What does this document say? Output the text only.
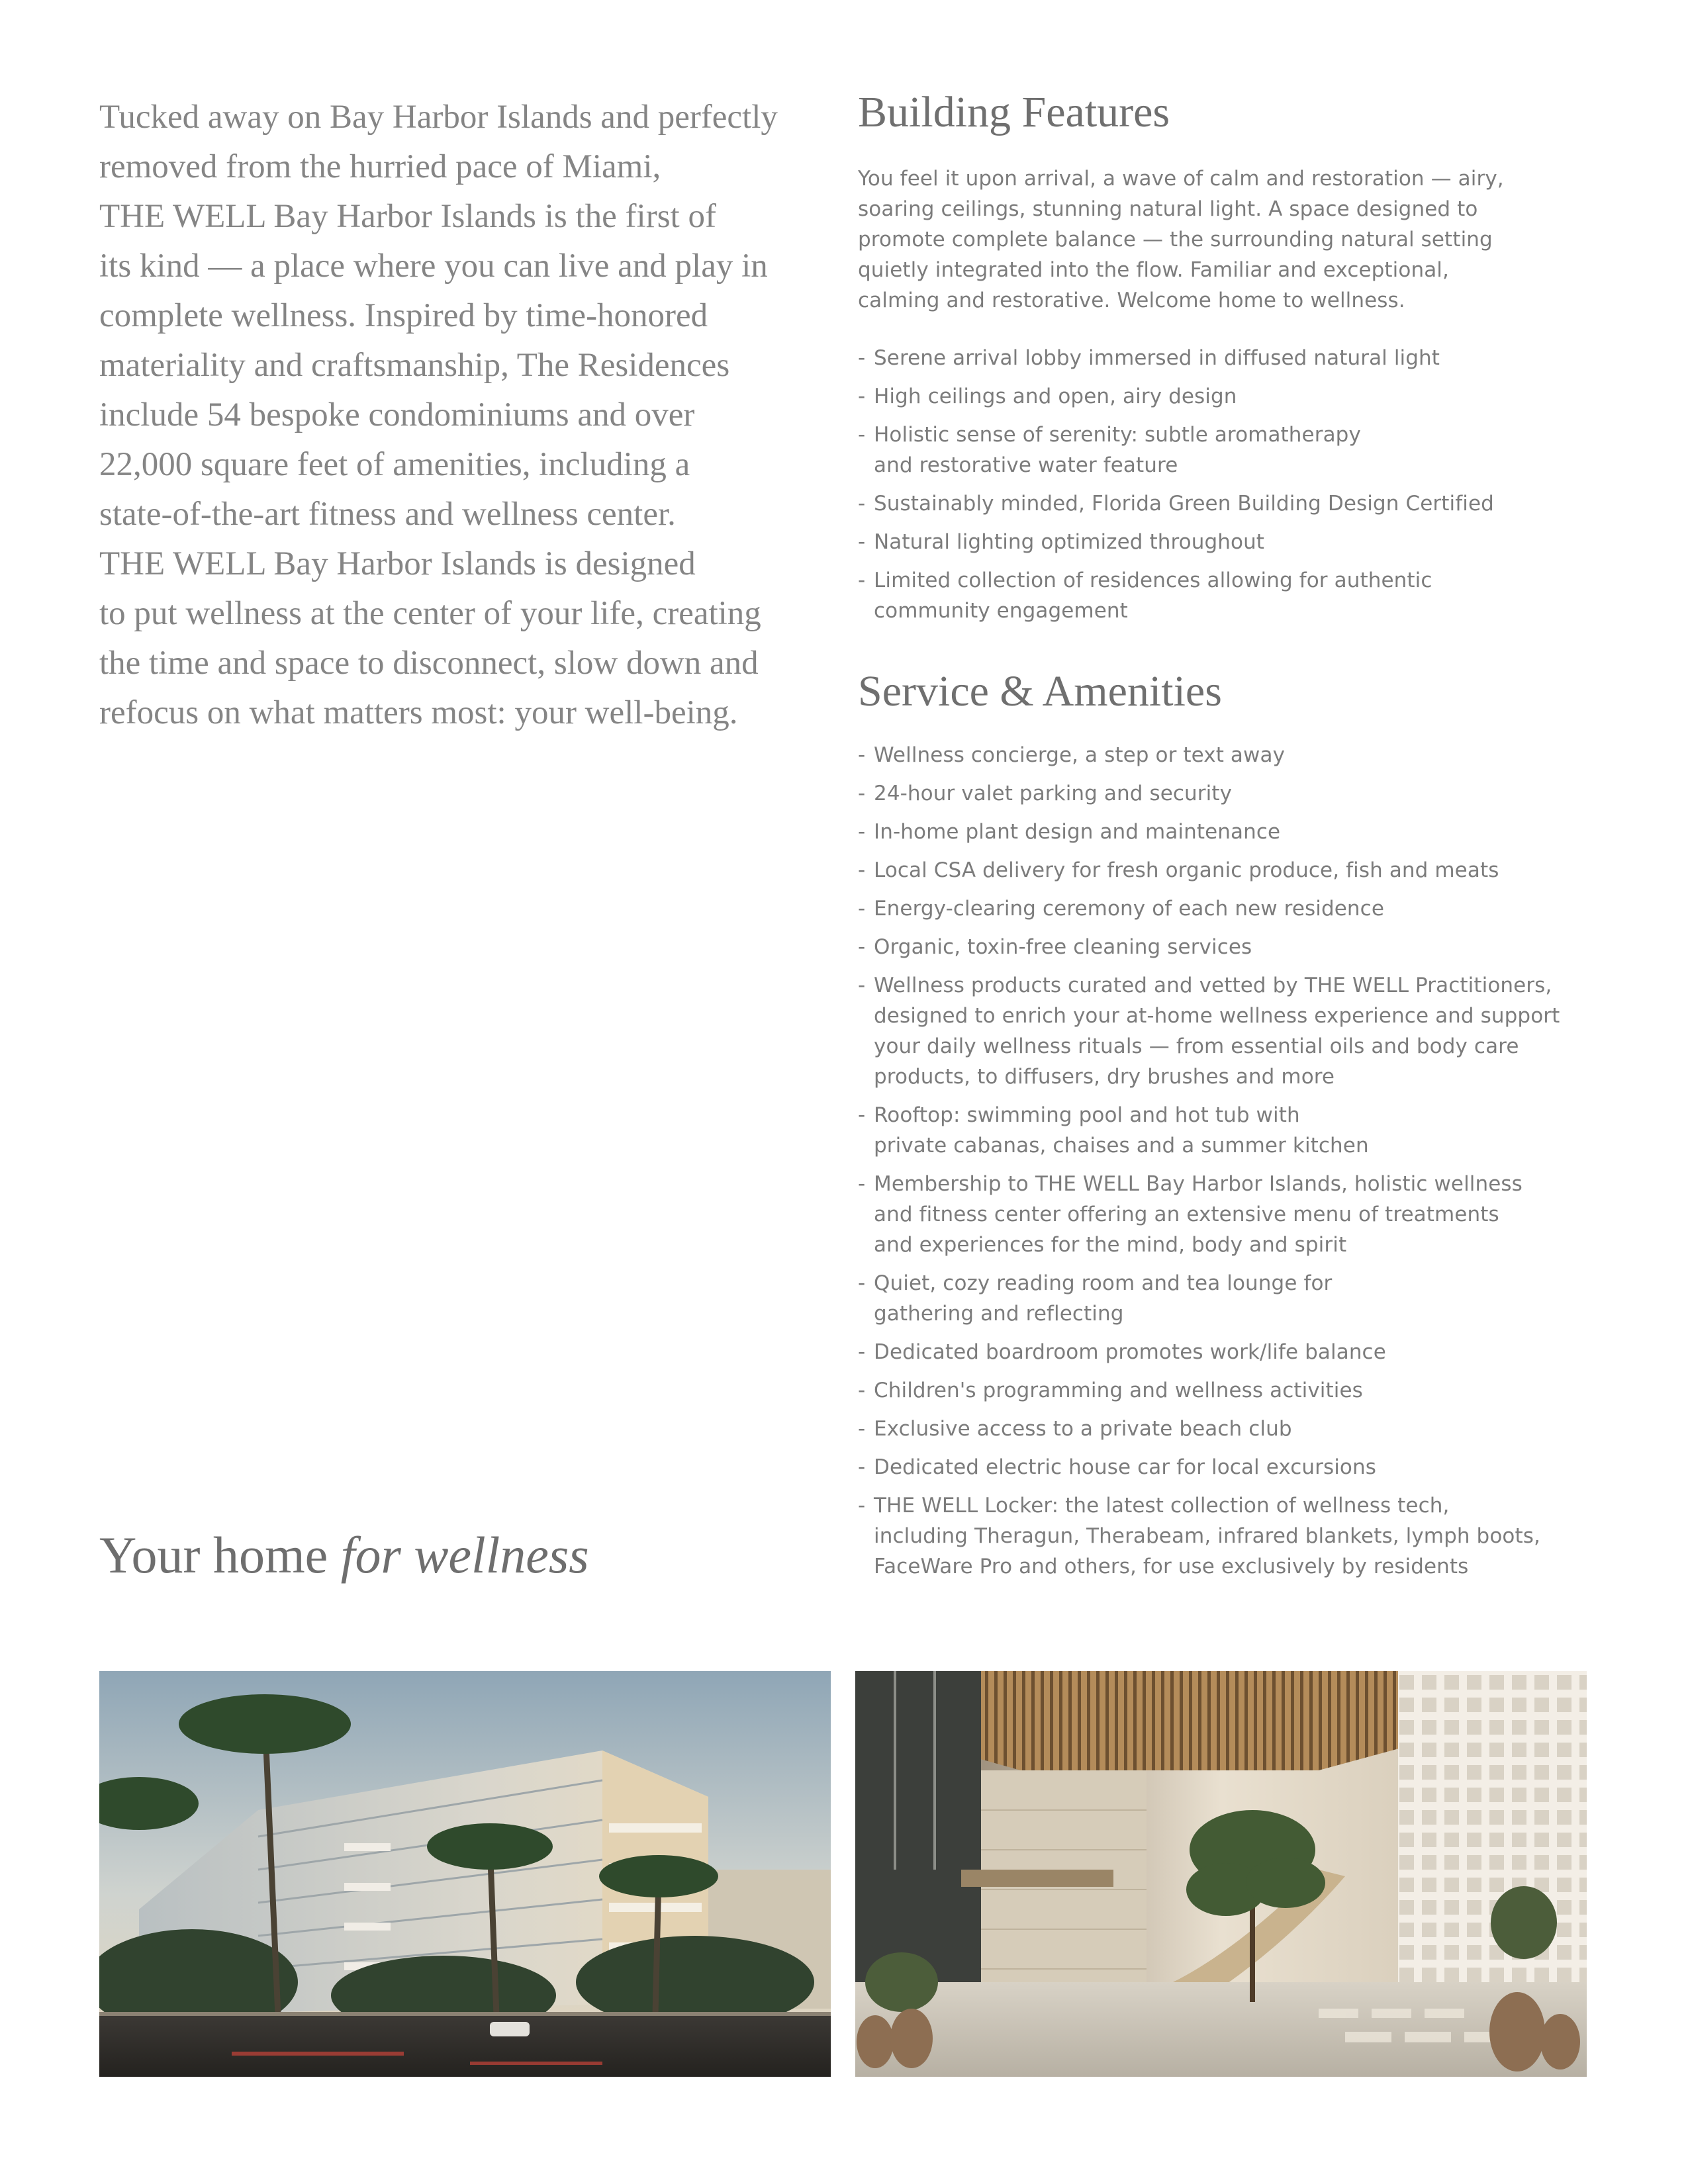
Tucked away on Bay Harbor Islands and perfectly
removed from the hurried pace of Miami,
THE WELL Bay Harbor Islands is the first of
its kind — a place where you can live and play in
complete wellness. Inspired by time-honored
materiality and craftsmanship, The Residences
include 54 bespoke condominiums and over
22,000 square feet of amenities, including a
state-of-the-art fitness and wellness center.
THE WELL Bay Harbor Islands is designed
to put wellness at the center of your life, creating
the time and space to disconnect, slow down and
refocus on what matters most: your well-being.

Your home for wellness
Building Features

You feel it upon arrival, a wave of calm and restoration — airy,
soaring ceilings, stunning natural light. A space designed to
promote complete balance — the surrounding natural setting
quietly integrated into the flow. Familiar and exceptional,
calming and restorative. Welcome home to wellness.

- Serene arrival lobby immersed in diffused natural light
- High ceilings and open, airy design
- Holistic sense of serenity: subtle aromatherapy
and restorative water feature
- Sustainably minded, Florida Green Building Design Certified
- Natural lighting optimized throughout
- Limited collection of residences allowing for authentic
community engagement
Service & Amenities
- Wellness concierge, a step or text away
- 24-hour valet parking and security
- In-home plant design and maintenance
- Local CSA delivery for fresh organic produce, fish and meats
- Energy-clearing ceremony of each new residence
- Organic, toxin-free cleaning services
- Wellness products curated and vetted by THE WELL Practitioners,
designed to enrich your at-home wellness experience and support
your daily wellness rituals — from essential oils and body care
products, to diffusers, dry brushes and more
- Rooftop: swimming pool and hot tub with
private cabanas, chaises and a summer kitchen
- Membership to THE WELL Bay Harbor Islands, holistic wellness
and fitness center offering an extensive menu of treatments
and experiences for the mind, body and spirit
- Quiet, cozy reading room and tea lounge for
gathering and reflecting
- Dedicated boardroom promotes work/life balance
- Children's programming and wellness activities
- Exclusive access to a private beach club
- Dedicated electric house car for local excursions
- THE WELL Locker: the latest collection of wellness tech,
including Theragun, Therabeam, infrared blankets, lymph boots,
FaceWare Pro and others, for use exclusively by residents
